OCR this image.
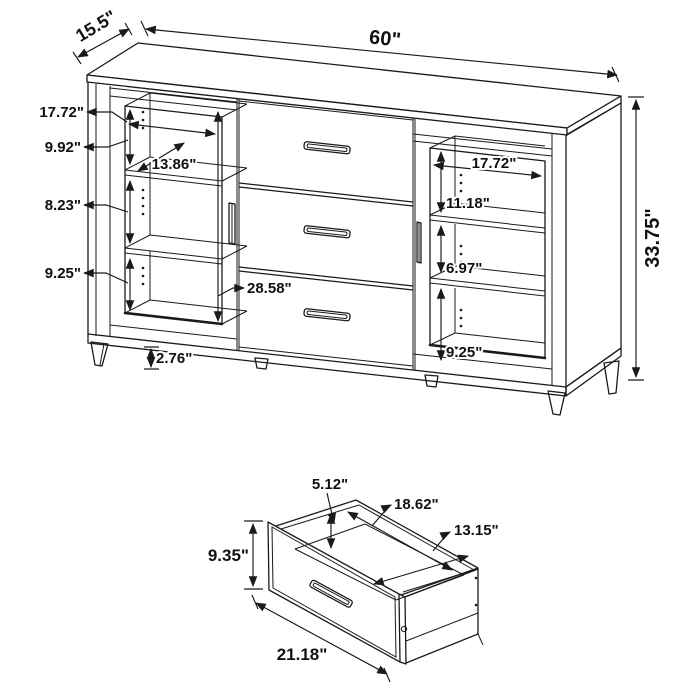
60"
15.5"
33.75"
17.72"
9.92"
13.86"
8.23"
9.25"
28.58"
2.76"
17.72"
11.18"
6.97"
9.25"
9.35"
21.18"
5.12"
18.62"
13.15"
